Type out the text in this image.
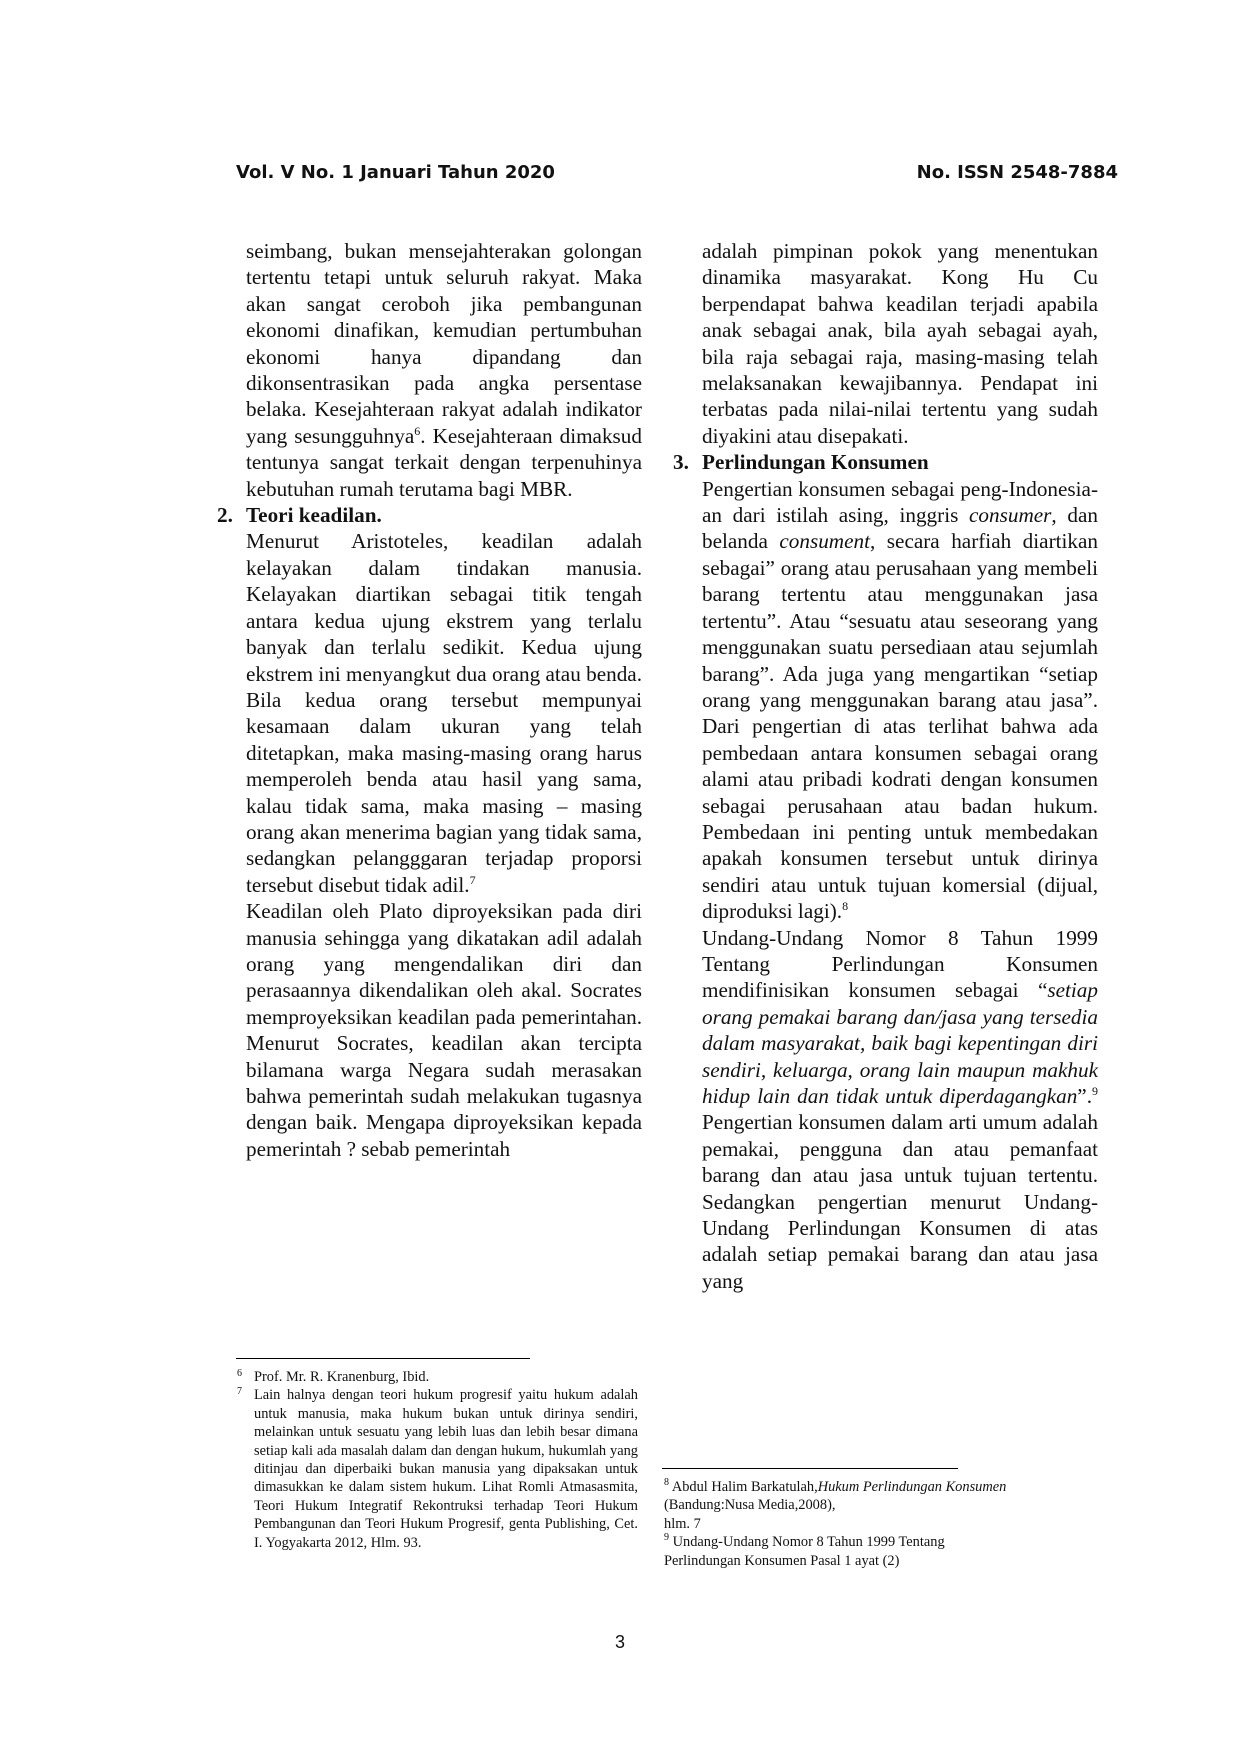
Vol. V No. 1 Januari Tahun 2020	No. ISSN 2548-7884

seimbang, bukan mensejahterakan golongan tertentu tetapi untuk seluruh rakyat. Maka akan sangat ceroboh jika pembangunan ekonomi dinafikan, kemudian pertumbuhan ekonomi hanya dipandang dan dikonsentrasikan pada angka persentase belaka. Kesejahteraan rakyat adalah indikator yang sesungguhnya$^6$. Kesejahteraan dimaksud tentunya sangat terkait dengan terpenuhinya kebutuhan rumah terutama bagi MBR.

2. Teori keadilan.

Menurut Aristoteles, keadilan adalah kelayakan dalam tindakan manusia. Kelayakan diartikan sebagai titik tengah antara kedua ujung ekstrem yang terlalu banyak dan terlalu sedikit. Kedua ujung ekstrem ini menyangkut dua orang atau benda. Bila kedua orang tersebut mempunyai kesamaan dalam ukuran yang telah ditetapkan, maka masing-masing orang harus memperoleh benda atau hasil yang sama, kalau tidak sama, maka masing – masing orang akan menerima bagian yang tidak sama, sedangkan pelangggaran terjadap proporsi tersebut disebut tidak adil.$^7$

Keadilan oleh Plato diproyeksikan pada diri manusia sehingga yang dikatakan adil adalah orang yang mengendalikan diri dan perasaannya dikendalikan oleh akal. Socrates memproyeksikan keadilan pada pemerintahan. Menurut Socrates, keadilan akan tercipta bilamana warga Negara sudah merasakan bahwa pemerintah sudah melakukan tugasnya dengan baik. Mengapa diproyeksikan kepada pemerintah ? sebab pemerintah

adalah pimpinan pokok yang menentukan dinamika masyarakat. Kong Hu Cu berpendapat bahwa keadilan terjadi apabila anak sebagai anak, bila ayah sebagai ayah, bila raja sebagai raja, masing-masing telah melaksanakan kewajibannya. Pendapat ini terbatas pada nilai-nilai tertentu yang sudah diyakini atau disepakati.

3. Perlindungan Konsumen

Pengertian konsumen sebagai peng-Indonesia-an dari istilah asing, inggris consumer, dan belanda consument, secara harfiah diartikan sebagai” orang atau perusahaan yang membeli barang tertentu atau menggunakan jasa tertentu”. Atau “sesuatu atau seseorang yang menggunakan suatu persediaan atau sejumlah barang”. Ada juga yang mengartikan “setiap orang yang menggunakan barang atau jasa”. Dari pengertian di atas terlihat bahwa ada pembedaan antara konsumen sebagai orang alami atau pribadi kodrati dengan konsumen sebagai perusahaan atau badan hukum. Pembedaan ini penting untuk membedakan apakah konsumen tersebut untuk dirinya sendiri atau untuk tujuan komersial (dijual, diproduksi lagi).$^8$

Undang-Undang Nomor 8 Tahun 1999 Tentang Perlindungan Konsumen mendifinisikan konsumen sebagai “setiap orang pemakai barang dan/jasa yang tersedia dalam masyarakat, baik bagi kepentingan diri sendiri, keluarga, orang lain maupun makhuk hidup lain dan tidak untuk diperdagangkan”.$^9$ Pengertian konsumen dalam arti umum adalah pemakai, pengguna dan atau pemanfaat barang dan atau jasa untuk tujuan tertentu. Sedangkan pengertian menurut Undang-Undang Perlindungan Konsumen di atas adalah setiap pemakai barang dan atau jasa yang

6 Prof. Mr. R. Kranenburg, Ibid.

7 Lain halnya dengan teori hukum progresif yaitu hukum adalah untuk manusia, maka hukum bukan untuk dirinya sendiri, melainkan untuk sesuatu yang lebih luas dan lebih besar dimana setiap kali ada masalah dalam dan dengan hukum, hukumlah yang ditinjau dan diperbaiki bukan manusia yang dipaksakan untuk dimasukkan ke dalam sistem hukum. Lihat Romli Atmasasmita, Teori Hukum Integratif Rekontruksi terhadap Teori Hukum Pembangunan dan Teori Hukum Progresif, genta Publishing, Cet. I. Yogyakarta 2012, Hlm. 93.

$^8$ Abdul Halim Barkatulah,Hukum Perlindungan Konsumen

(Bandung:Nusa Media,2008),

hlm. 7

$^9$ Undang-Undang Nomor 8 Tahun 1999 Tentang

Perlindungan Konsumen Pasal 1 ayat (2)

3
